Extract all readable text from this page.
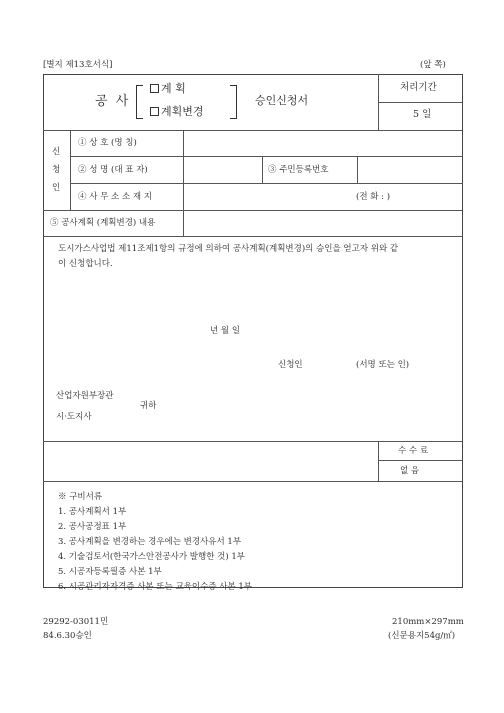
[별지 제13호서식]	(앞 쪽)
공 사
계 획
계획변경
승인신청서
처리기간
5 일
신
청
인
① 상 호 (명 칭)
② 성 명 (대 표 자)	③ 주민등록번호
④ 사 무 소 소 재 지	(전 화 : )
⑤ 공사계획 (계획변경) 내용
도시가스사업법 제11조제1항의 규정에 의하여 공사계획(계획변경)의 승인을 얻고자 위와 같
이 신청합니다.
년 월 일
신청인	(서명 또는 인)
산업자원부장관
귀하
시·도지사
수 수 료
없 음
※ 구비서류
1. 공사계획서 1부
2. 공사공정표 1부
3. 공사계획을 변경하는 경우에는 변경사유서 1부
4. 기술검토서(한국가스안전공사가 발행한 것) 1부
5. 시공자등록필증 사본 1부
6. 시공관리자자격증 사본 또는 교육이수증 사본 1부
29292-03011민
84.6.30승인
210mm×297mm
(신문용지54g/㎡)
